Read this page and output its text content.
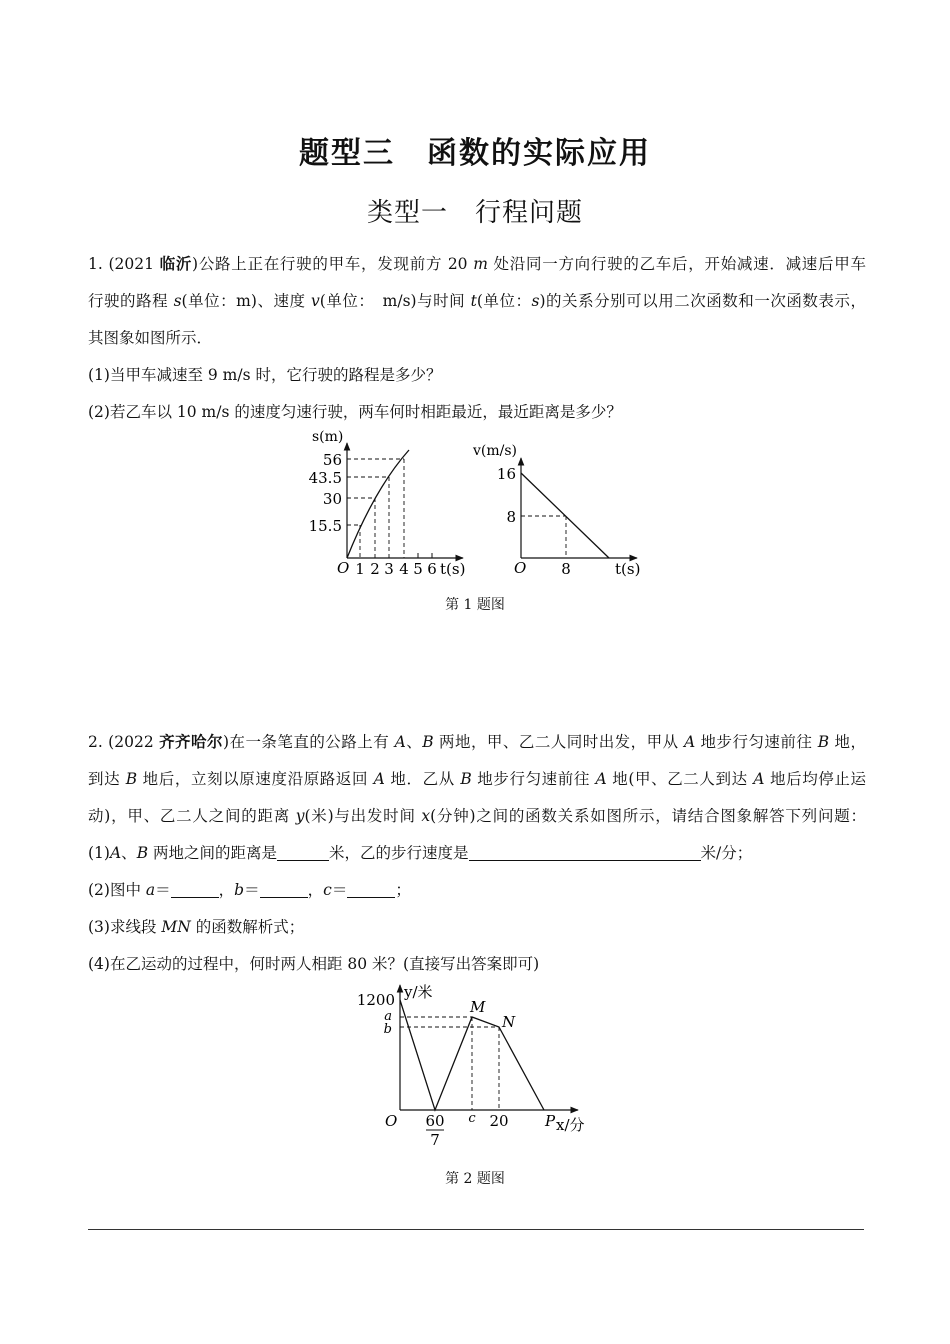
题型三　函数的实际应用
类型一　行程问题
1. (2021 临沂)公路上正在行驶的甲车，发现前方 20 m 处沿同一方向行驶的乙车后，开始减速．减速后甲车
行驶的路程 s(单位：m)、速度 v(单位：　m/s)与时间 t(单位：s)的关系分别可以用二次函数和一次函数表示，
其图象如图所示．
(1)当甲车减速至 9 m/s 时，它行驶的路程是多少？
(2)若乙车以 10 m/s 的速度匀速行驶，两车何时相距最近，最近距离是多少？
s(m)
56
43.5
30
15.5
O 1 2 3 4 5 6 t(s)
v(m/s)
16
8
O 8	t(s)
第 1 题图
2. (2022 齐齐哈尔)在一条笔直的公路上有 A、B 两地，甲、乙二人同时出发，甲从 A 地步行匀速前往 B 地，
到达 B 地后，立刻以原速度沿原路返回 A 地．乙从 B 地步行匀速前往 A 地(甲、乙二人到达 A 地后均停止运
动)，甲、乙二人之间的距离 y(米)与出发时间 x(分钟)之间的函数关系如图所示，请结合图象解答下列问题：
(1)A、B 两地之间的距离是	米，乙的步行速度是	米/分；
(2)图中 a＝	，b＝	，c＝	；
(3)求线段 MN 的函数解析式；
(4)在乙运动的过程中，何时两人相距 80 米？(直接写出答案即可)
1200 y/米
a
b
M
N
O 60
7
c 20 P x/分
第 2 题图
